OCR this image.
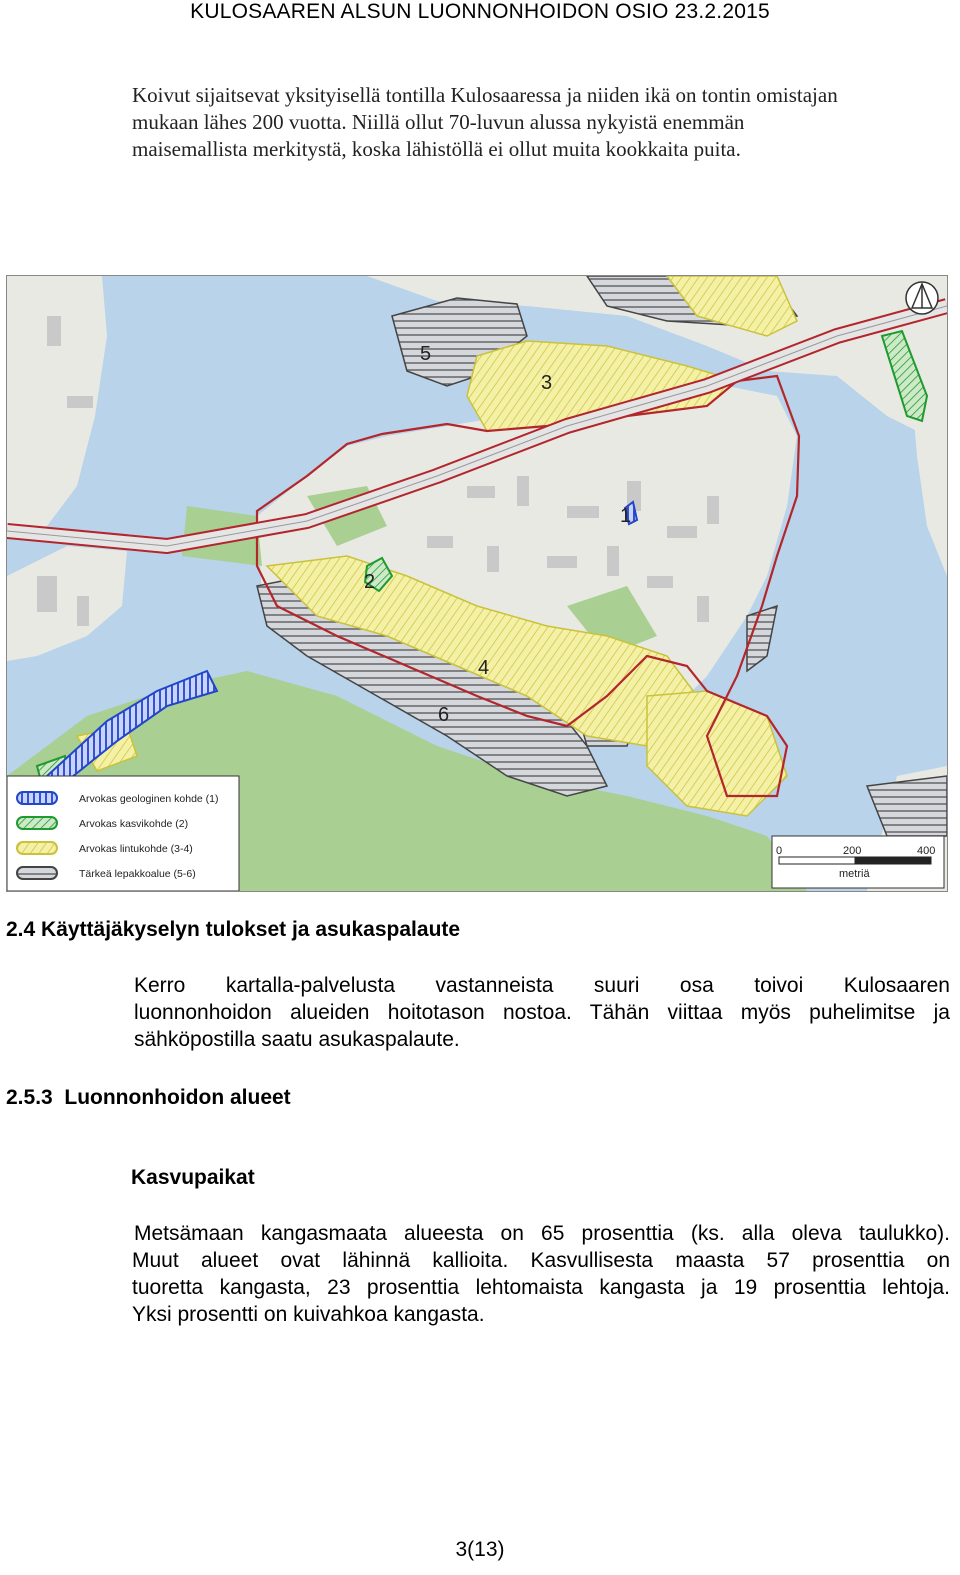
KULOSAAREN ALSUN LUONNONHOIDON OSIO 23.2.2015
Koivut sijaitsevat yksityisellä tontilla Kulosaaressa ja niiden ikä on tontin omistajan
mukaan lähes 200 vuotta. Niillä ollut 70-luvun alussa nykyistä enemmän
maisemallista merkitystä, koska lähistöllä ei ollut muita kookkaita puita.
1
2
3
4
5
6
Arvokas geologinen kohde (1)
Arvokas kasvikohde (2)
Arvokas lintukohde (3-4)
Tärkeä lepakkoalue (5-6)
0	200	400
metriä
2.4 Käyttäjäkyselyn tulokset ja asukaspalaute
Kerro kartalla-palvelusta vastanneista suuri osa toivoi Kulosaaren
luonnonhoidon alueiden hoitotason nostoa. Tähän viittaa myös puhelimitse ja
sähköpostilla saatu asukaspalaute.
2.5.3  Luonnonhoidon alueet
Kasvupaikat
Metsämaan kangasmaata alueesta on 65 prosenttia (ks. alla oleva taulukko).
Muut alueet ovat lähinnä kallioita. Kasvullisesta maasta 57 prosenttia on
tuoretta kangasta, 23 prosenttia lehtomaista kangasta ja 19 prosenttia lehtoja.
Yksi prosentti on kuivahkoa kangasta.
3(13)
